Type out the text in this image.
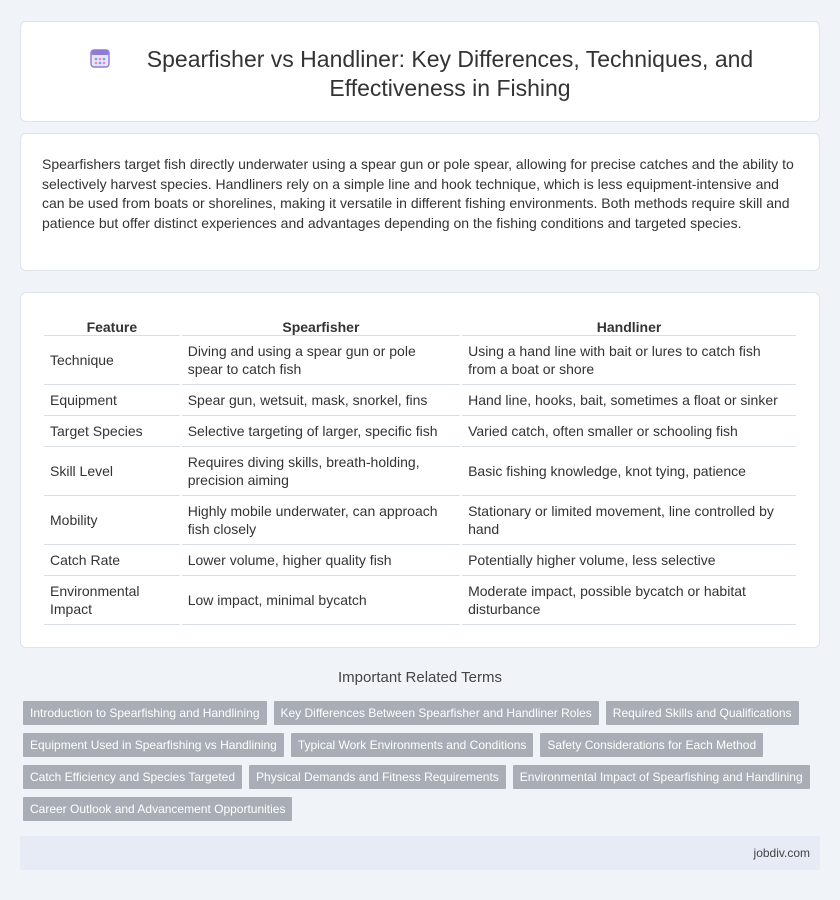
Spearfisher vs Handliner: Key Differences, Techniques, and Effectiveness in Fishing

Spearfishers target fish directly underwater using a spear gun or pole spear, allowing for precise catches and the ability to selectively harvest species. Handliners rely on a simple line and hook technique, which is less equipment-intensive and can be used from boats or shorelines, making it versatile in different fishing environments. Both methods require skill and patience but offer distinct experiences and advantages depending on the fishing conditions and targeted species.

Feature	Spearfisher	Handliner
Technique	Diving and using a spear gun or pole spear to catch fish	Using a hand line with bait or lures to catch fish from a boat or shore
Equipment	Spear gun, wetsuit, mask, snorkel, fins	Hand line, hooks, bait, sometimes a float or sinker
Target Species	Selective targeting of larger, specific fish	Varied catch, often smaller or schooling fish
Skill Level	Requires diving skills, breath-holding, precision aiming	Basic fishing knowledge, knot tying, patience
Mobility	Highly mobile underwater, can approach fish closely	Stationary or limited movement, line controlled by hand
Catch Rate	Lower volume, higher quality fish	Potentially higher volume, less selective
Environmental Impact	Low impact, minimal bycatch	Moderate impact, possible bycatch or habitat disturbance
Important Related Terms
Introduction to Spearfishing and Handlining	Key Differences Between Spearfisher and Handliner Roles	Required Skills and Qualifications
Equipment Used in Spearfishing vs Handlining	Typical Work Environments and Conditions	Safety Considerations for Each Method
Catch Efficiency and Species Targeted	Physical Demands and Fitness Requirements	Environmental Impact of Spearfishing and Handlining
Career Outlook and Advancement Opportunities
jobdiv.com
